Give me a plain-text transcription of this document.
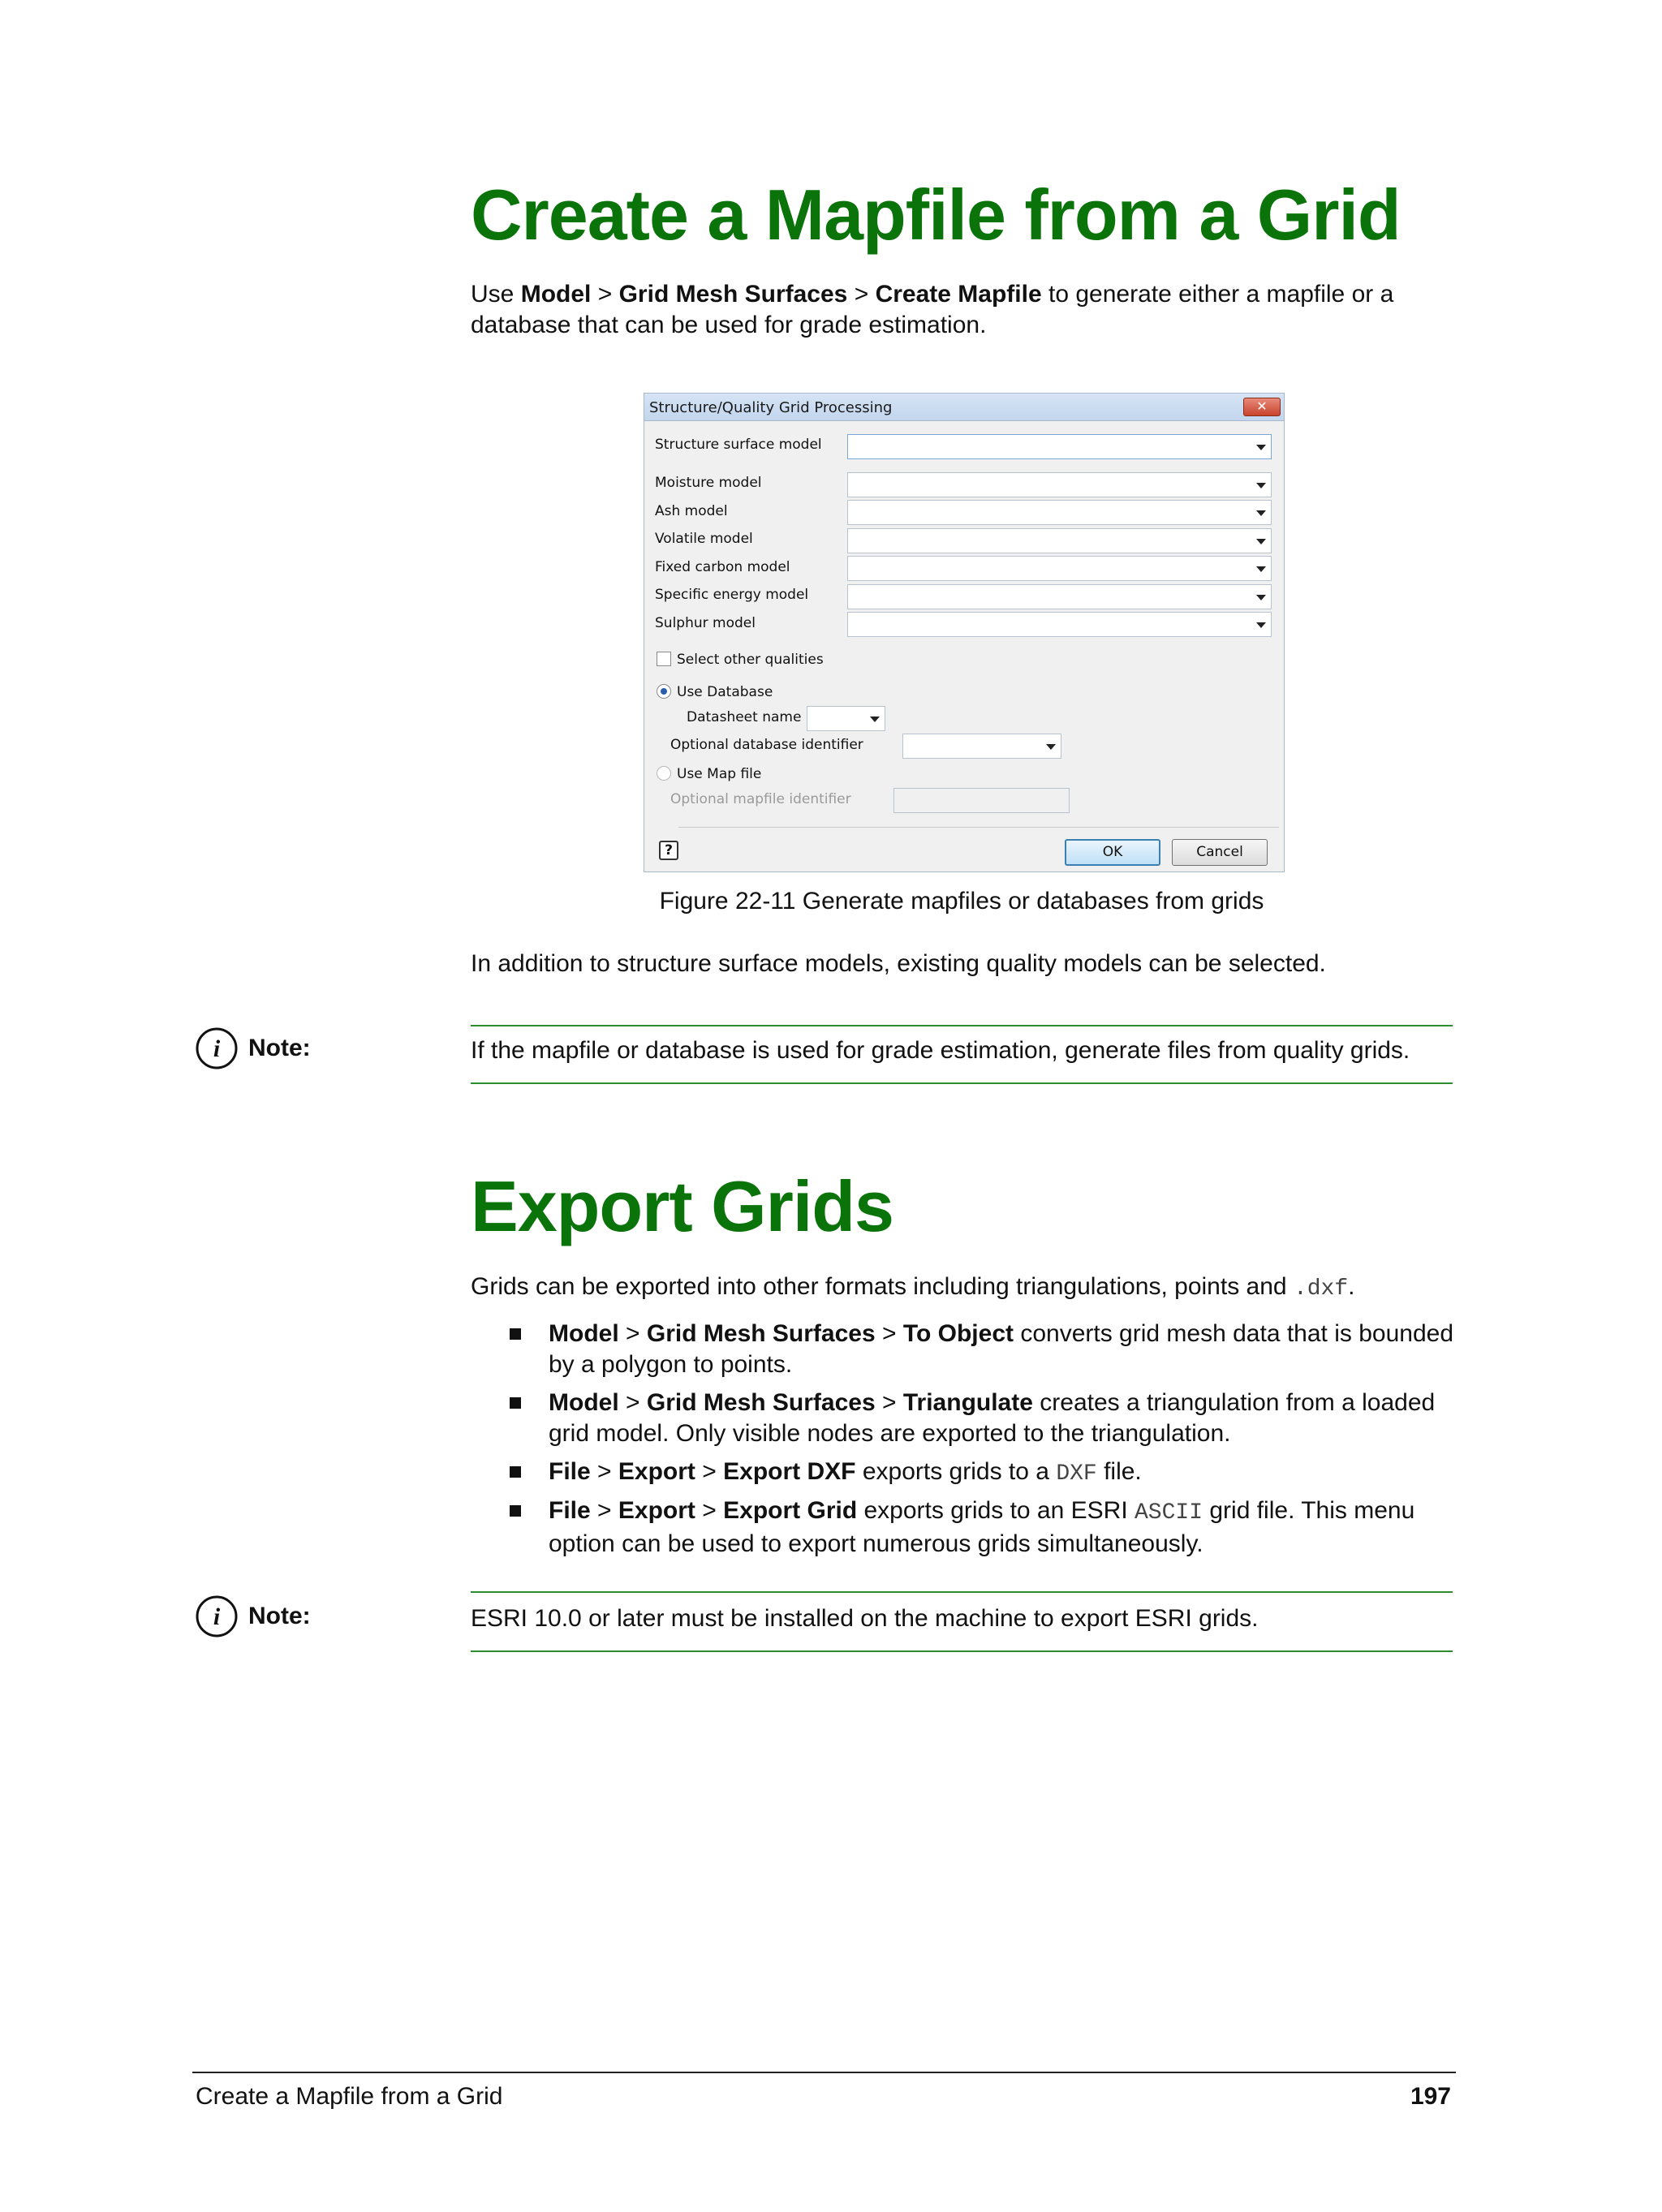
Create a Mapfile from a Grid
Use Model > Grid Mesh Surfaces > Create Mapfile to generate either a mapfile or a
database that can be used for grade estimation.
Structure/Quality Grid Processing	✕
Structure surface model
Moisture model
Ash model
Volatile model
Fixed carbon model
Specific energy model
Sulphur model
Select other qualities
Use Database
Datasheet name
Optional database identifier
Use Map file
Optional mapfile identifier
?	OK	Cancel
Figure 22-11 Generate mapfiles or databases from grids
In addition to structure surface models, existing quality models can be selected.
i Note:	If the mapfile or database is used for grade estimation, generate files from quality grids.
Export Grids
Grids can be exported into other formats including triangulations, points and .dxf.
Model > Grid Mesh Surfaces > To Object converts grid mesh data that is bounded by a polygon to points.
Model > Grid Mesh Surfaces > Triangulate creates a triangulation from a loaded grid model. Only visible nodes are exported to the triangulation.
File > Export > Export DXF exports grids to a DXF file.
File > Export > Export Grid exports grids to an ESRI ASCII grid file. This menu option can be used to export numerous grids simultaneously.
i Note:	ESRI 10.0 or later must be installed on the machine to export ESRI grids.
Create a Mapfile from a Grid	197
